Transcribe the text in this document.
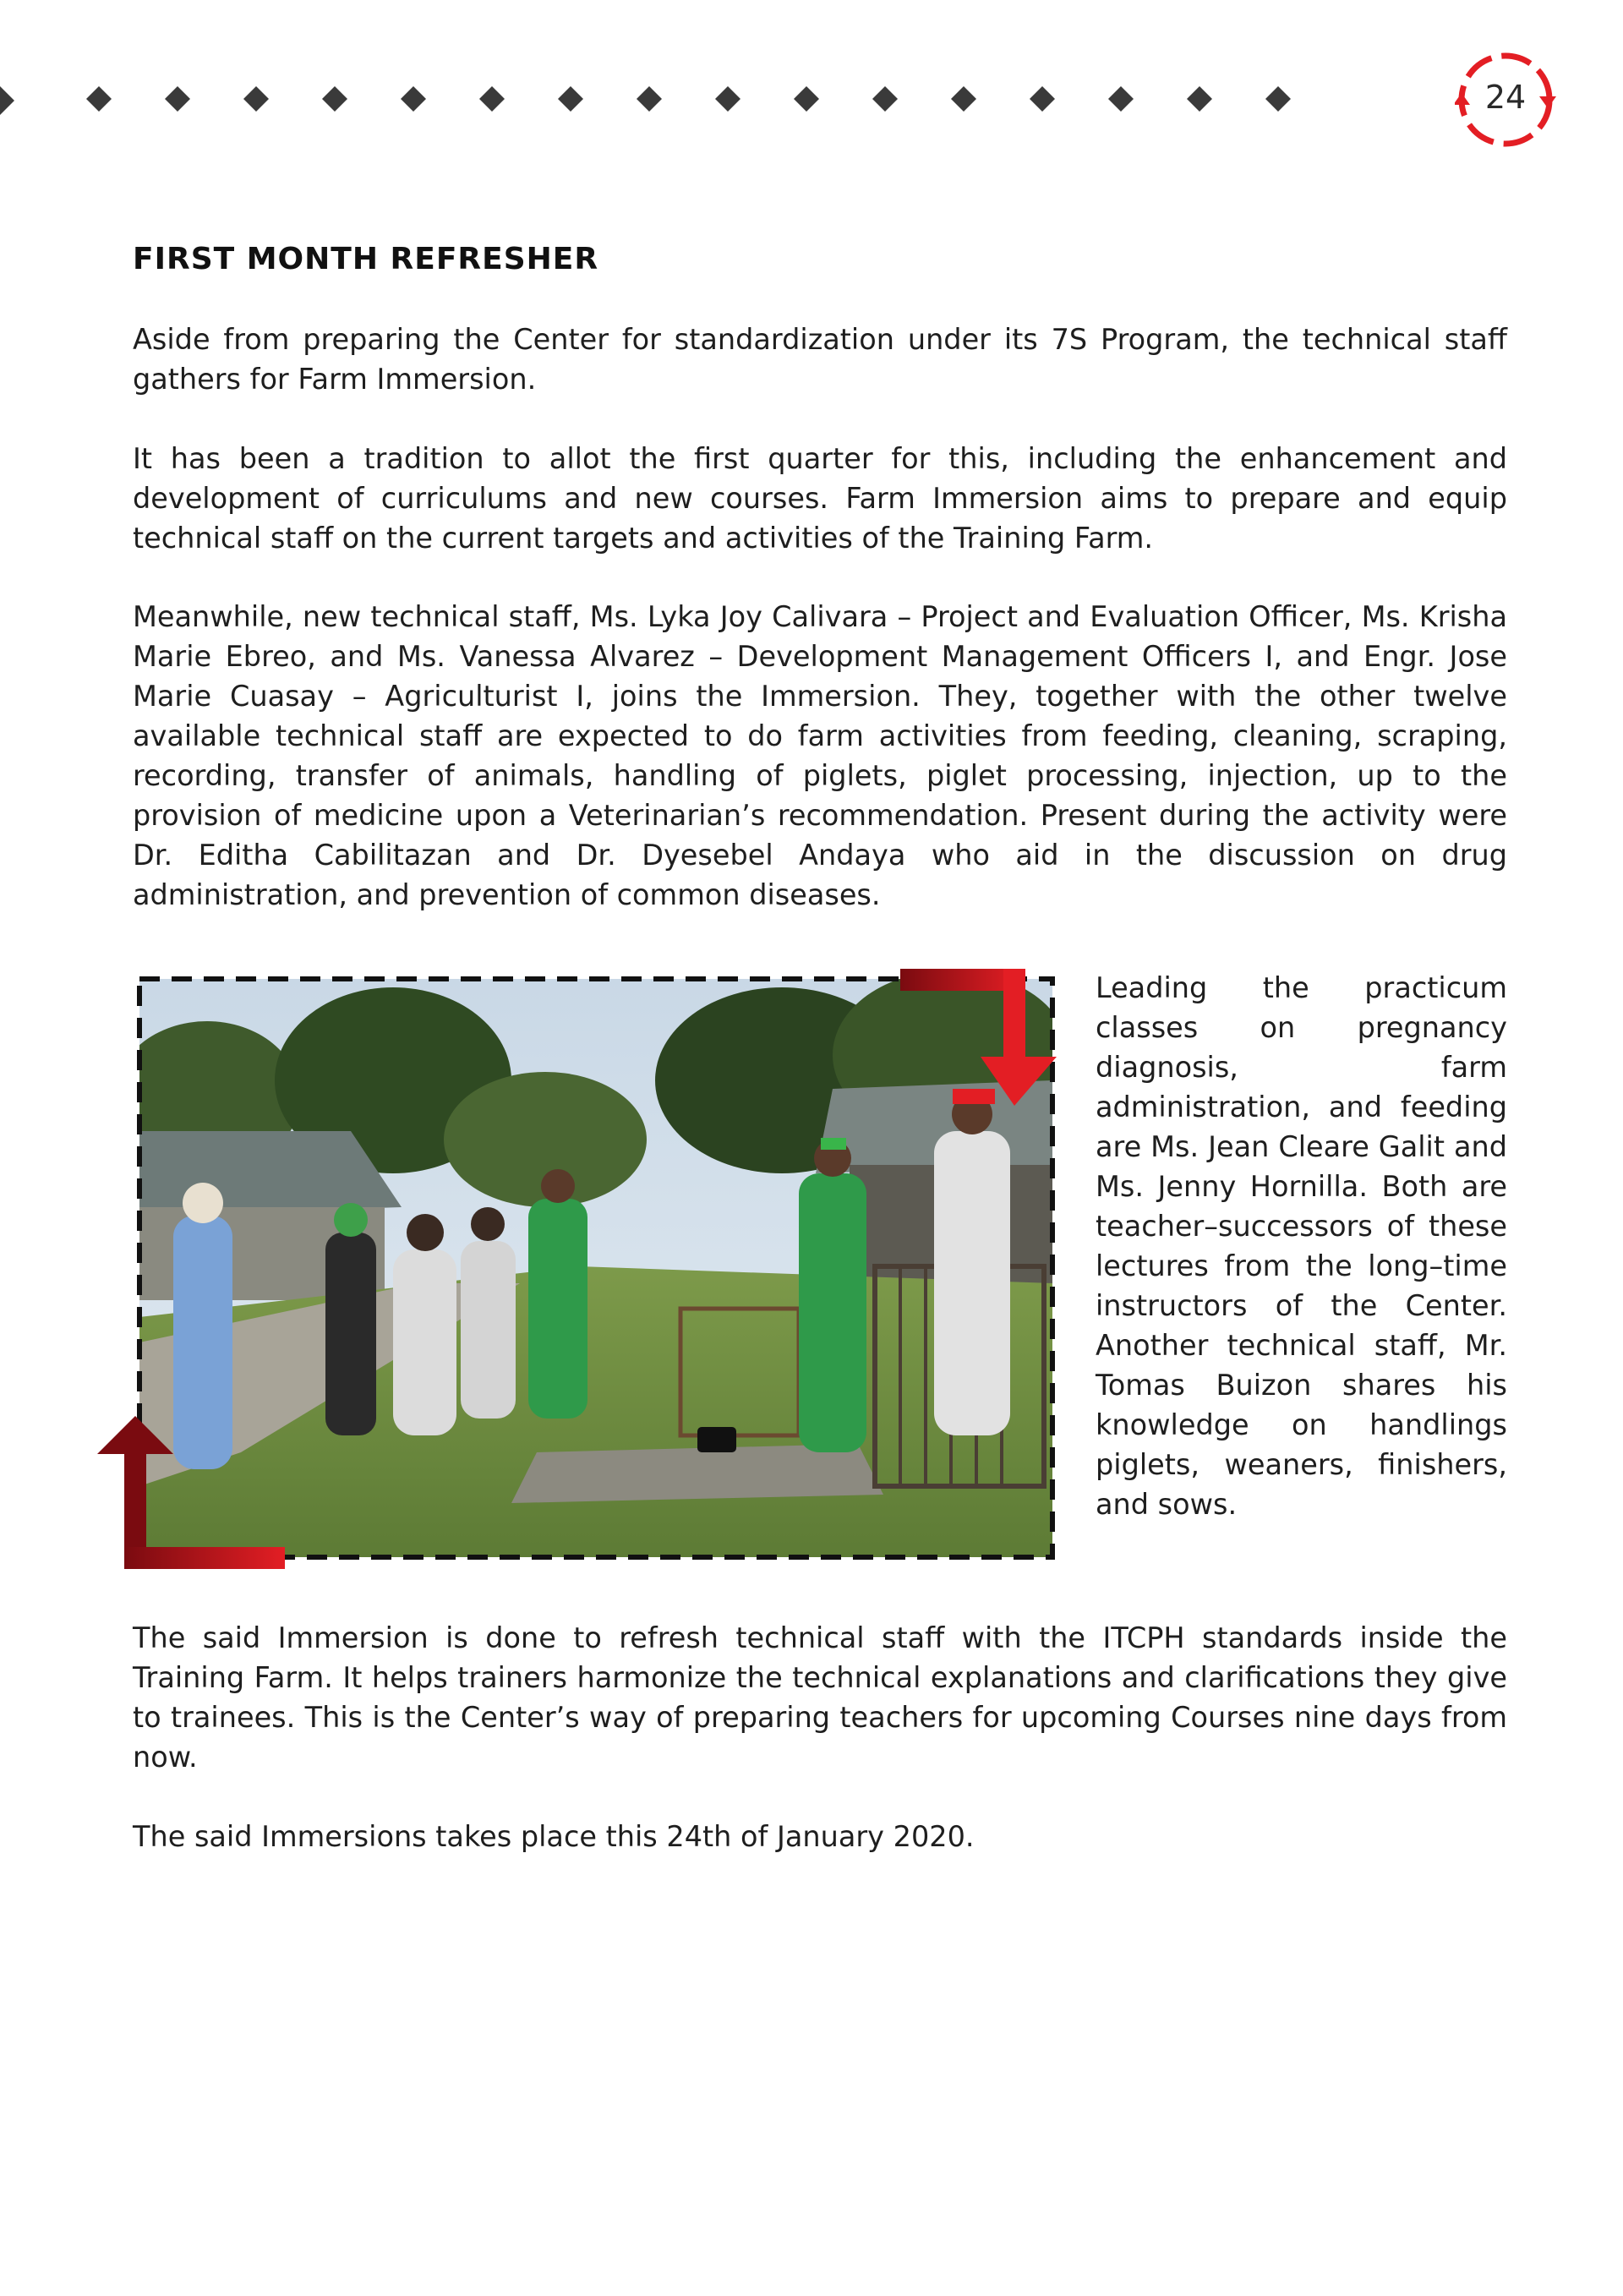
24
FIRST MONTH REFRESHER

Aside from preparing the Center for standardization under its 7S Program, the technical staff gathers for Farm Immersion.

It has been a tradition to allot the first quarter for this, including the enhancement and development of curriculums and new courses. Farm Immersion aims to prepare and equip technical staff on the current targets and activities of the Training Farm.

Meanwhile, new technical staff, Ms. Lyka Joy Calivara – Project and Evaluation Officer, Ms. Krisha Marie Ebreo, and Ms. Vanessa Alvarez – Development Management Officers I, and Engr. Jose Marie Cuasay – Agriculturist I, joins the Immersion. They, together with the other twelve available technical staff are expected to do farm activities from feeding, cleaning, scraping, recording, transfer of animals, handling of piglets, piglet processing, injection, up to the provision of medicine upon a Veterinarian’s recommendation. Present during the activity were Dr. Editha Cabilitazan and Dr. Dyesebel Andaya who aid in the discussion on drug administration, and prevention of common diseases.

Leading the practicum classes on pregnancy diagnosis, farm administration, and feeding are Ms. Jean Cleare Galit and Ms. Jenny Hornilla. Both are teacher–successors of these lectures from the long–time instructors of the Center. Another technical staff, Mr. Tomas Buizon shares his knowledge on handlings piglets, weaners, finishers, and sows.

The said Immersion is done to refresh technical staff with the ITCPH standards inside the Training Farm. It helps trainers harmonize the technical explanations and clarifications they give to trainees. This is the Center’s way of preparing teachers for upcoming Courses nine days from now.

The said Immersions takes place this 24th of January 2020.
